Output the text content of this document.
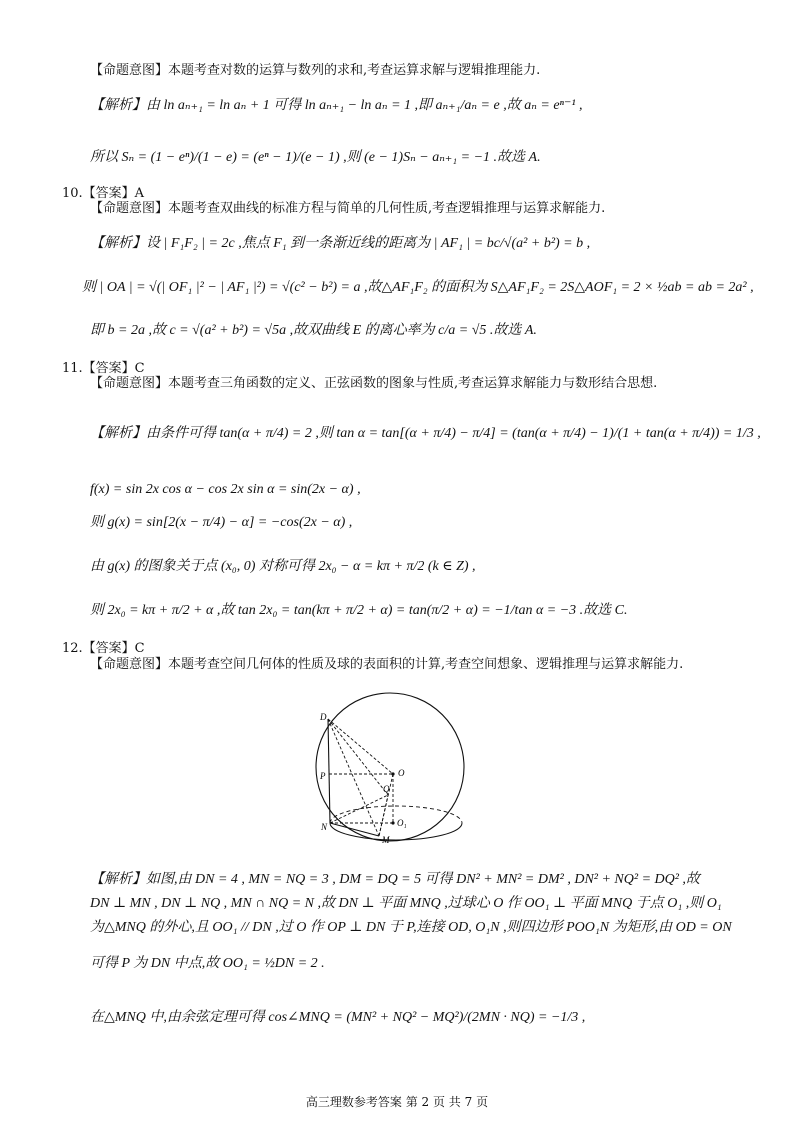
【命题意图】本题考查对数的运算与数列的求和,考查运算求解与逻辑推理能力.
【解析】由 ln aₙ₊₁ = ln aₙ + 1 可得 ln aₙ₊₁ − ln aₙ = 1 ,即 aₙ₊₁/aₙ = e ,故 aₙ = eⁿ⁻¹ ,
所以 Sₙ = (1 − eⁿ)/(1 − e) = (eⁿ − 1)/(e − 1) ,则 (e − 1)Sₙ − aₙ₊₁ = −1 .故选 A.
10.【答案】A
【命题意图】本题考查双曲线的标准方程与简单的几何性质,考查逻辑推理与运算求解能力.
【解析】设 | F₁F₂ | = 2c ,焦点 F₁ 到一条渐近线的距离为 | AF₁ | = bc/√(a² + b²) = b ,
则 | OA | = √(| OF₁ |² − | AF₁ |²) = √(c² − b²) = a ,故△AF₁F₂ 的面积为 S△AF₁F₂ = 2S△AOF₁ = 2 × ½ab = ab = 2a² ,
即 b = 2a ,故 c = √(a² + b²) = √5a ,故双曲线 E 的离心率为 c/a = √5 .故选 A.
11.【答案】C
【命题意图】本题考查三角函数的定义、正弦函数的图象与性质,考查运算求解能力与数形结合思想.
【解析】由条件可得 tan(α + π/4) = 2 ,则 tan α = tan[(α + π/4) − π/4] = (tan(α + π/4) − 1)/(1 + tan(α + π/4)) = 1/3 ,
f(x) = sin 2x cos α − cos 2x sin α = sin(2x − α) ,
则 g(x) = sin[2(x − π/4) − α] = −cos(2x − α) ,
由 g(x) 的图象关于点 (x₀, 0) 对称可得 2x₀ − α = kπ + π/2 (k ∈ Z) ,
则 2x₀ = kπ + π/2 + α ,故 tan 2x₀ = tan(kπ + π/2 + α) = tan(π/2 + α) = −1/tan α = −3 .故选 C.
12.【答案】C
【命题意图】本题考查空间几何体的性质及球的表面积的计算,考查空间想象、逻辑推理与运算求解能力.
D
P	O
Q
O₁
N
M
【解析】如图,由 DN = 4 , MN = NQ = 3 , DM = DQ = 5 可得 DN² + MN² = DM² , DN² + NQ² = DQ² ,故
DN ⊥ MN , DN ⊥ NQ , MN ∩ NQ = N ,故 DN ⊥ 平面 MNQ ,过球心 O 作 OO₁ ⊥ 平面 MNQ 于点 O₁ ,则 O₁
为△MNQ 的外心,且 OO₁ // DN ,过 O 作 OP ⊥ DN 于 P,连接 OD, O₁N ,则四边形 POO₁N 为矩形,由 OD = ON
可得 P 为 DN 中点,故 OO₁ = ½DN = 2 .
在△MNQ 中,由余弦定理可得 cos∠MNQ = (MN² + NQ² − MQ²)/(2MN · NQ) = −1/3 ,
高三理数参考答案 第 2 页 共 7 页
